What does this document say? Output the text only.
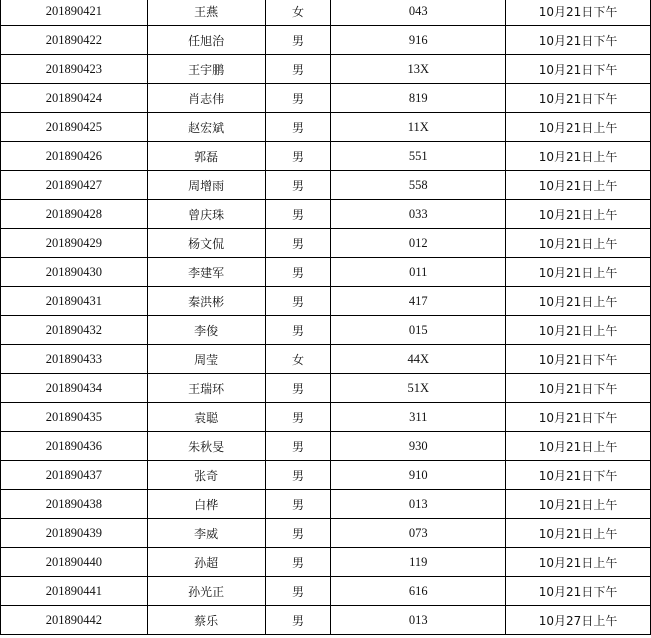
201890421	王燕	女	043	10月21日下午
201890422	任旭治	男	916	10月21日下午
201890423	王宇鹏	男	13X	10月21日下午
201890424	肖志伟	男	819	10月21日下午
201890425	赵宏斌	男	11X	10月21日上午
201890426	郭磊	男	551	10月21日上午
201890427	周增雨	男	558	10月21日上午
201890428	曾庆珠	男	033	10月21日上午
201890429	杨文侃	男	012	10月21日上午
201890430	李建军	男	011	10月21日上午
201890431	秦洪彬	男	417	10月21日上午
201890432	李俊	男	015	10月21日上午
201890433	周莹	女	44X	10月21日下午
201890434	王瑞环	男	51X	10月21日下午
201890435	袁聪	男	311	10月21日下午
201890436	朱秋旻	男	930	10月21日上午
201890437	张奇	男	910	10月21日下午
201890438	白桦	男	013	10月21日上午
201890439	李威	男	073	10月21日上午
201890440	孙超	男	119	10月21日上午
201890441	孙光正	男	616	10月21日下午
201890442	蔡乐	男	013	10月27日上午
